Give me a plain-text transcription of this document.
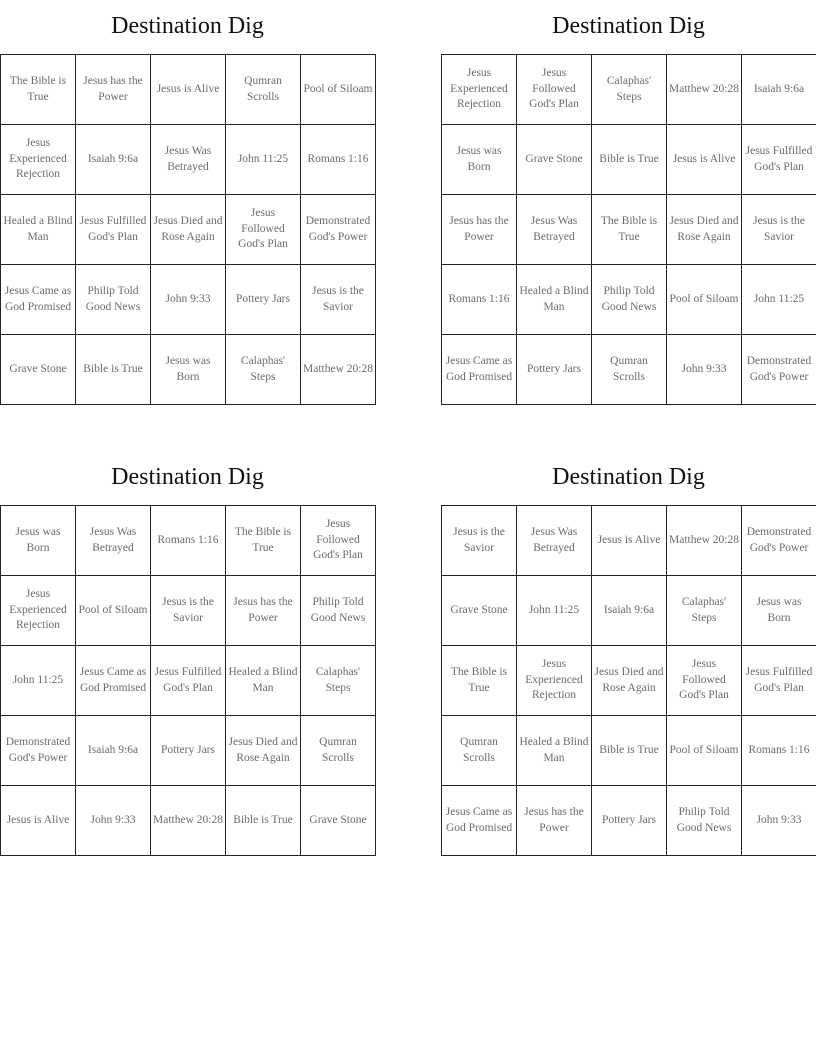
Destination Dig
The Bible is True	Jesus has the Power	Jesus is Alive	Qumran Scrolls	Pool of Siloam
Jesus Experienced Rejection	Isaiah 9:6a	Jesus Was Betrayed	John 11:25	Romans 1:16
Healed a Blind Man	Jesus Fulfilled God's Plan	Jesus Died and Rose Again	Jesus Followed God's Plan	Demonstrated God's Power
Jesus Came as God Promised	Philip Told Good News	John 9:33	Pottery Jars	Jesus is the Savior
Grave Stone	Bible is True	Jesus was Born	Calaphas' Steps	Matthew 20:28
Destination Dig
Jesus Experienced Rejection	Jesus Followed God's Plan	Calaphas' Steps	Matthew 20:28	Isaiah 9:6a
Jesus was Born	Grave Stone	Bible is True	Jesus is Alive	Jesus Fulfilled God's Plan
Jesus has the Power	Jesus Was Betrayed	The Bible is True	Jesus Died and Rose Again	Jesus is the Savior
Romans 1:16	Healed a Blind Man	Philip Told Good News	Pool of Siloam	John 11:25
Jesus Came as God Promised	Pottery Jars	Qumran Scrolls	John 9:33	Demonstrated God's Power
Destination Dig
Jesus was Born	Jesus Was Betrayed	Romans 1:16	The Bible is True	Jesus Followed God's Plan
Jesus Experienced Rejection	Pool of Siloam	Jesus is the Savior	Jesus has the Power	Philip Told Good News
John 11:25	Jesus Came as God Promised	Jesus Fulfilled God's Plan	Healed a Blind Man	Calaphas' Steps
Demonstrated God's Power	Isaiah 9:6a	Pottery Jars	Jesus Died and Rose Again	Qumran Scrolls
Jesus is Alive	John 9:33	Matthew 20:28	Bible is True	Grave Stone
Destination Dig
Jesus is the Savior	Jesus Was Betrayed	Jesus is Alive	Matthew 20:28	Demonstrated God's Power
Grave Stone	John 11:25	Isaiah 9:6a	Calaphas' Steps	Jesus was Born
The Bible is True	Jesus Experienced Rejection	Jesus Died and Rose Again	Jesus Followed God's Plan	Jesus Fulfilled God's Plan
Qumran Scrolls	Healed a Blind Man	Bible is True	Pool of Siloam	Romans 1:16
Jesus Came as God Promised	Jesus has the Power	Pottery Jars	Philip Told Good News	John 9:33
